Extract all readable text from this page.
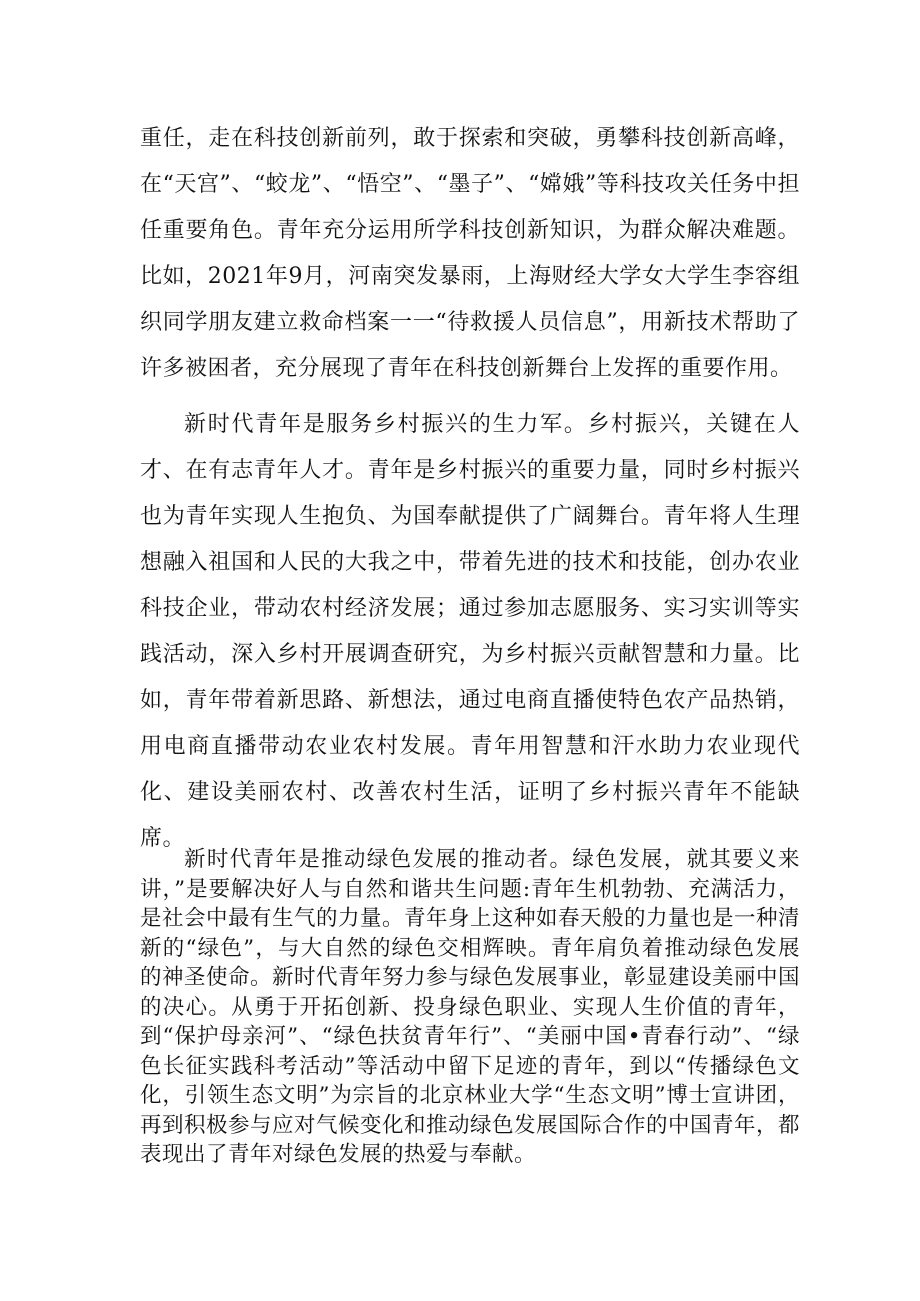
重任，走在科技创新前列，敢于探索和突破，勇攀科技创新高峰，在“天宫”、“蛟龙”、“悟空”、“墨子”、“嫦娥”等科技攻关任务中担任重要角色。青年充分运用所学科技创新知识，为群众解决难题。比如，2021年9月，河南突发暴雨，上海财经大学女大学生李容组织同学朋友建立救命档案一一“待救援人员信息”，用新技术帮助了许多被困者，充分展现了青年在科技创新舞台上发挥的重要作用。

新时代青年是服务乡村振兴的生力军。乡村振兴，关键在人才、在有志青年人才。青年是乡村振兴的重要力量，同时乡村振兴也为青年实现人生抱负、为国奉献提供了广阔舞台。青年将人生理想融入祖国和人民的大我之中，带着先进的技术和技能，创办农业科技企业，带动农村经济发展；通过参加志愿服务、实习实训等实践活动，深入乡村开展调查研究，为乡村振兴贡献智慧和力量。比如，青年带着新思路、新想法，通过电商直播使特色农产品热销，用电商直播带动农业农村发展。青年用智慧和汗水助力农业现代化、建设美丽农村、改善农村生活，证明了乡村振兴青年不能缺席。

新时代青年是推动绿色发展的推动者。绿色发展，就其要义来讲，”是要解决好人与自然和谐共生问题:青年生机勃勃、充满活力，是社会中最有生气的力量。青年身上这种如春天般的力量也是一种清新的“绿色”，与大自然的绿色交相辉映。青年肩负着推动绿色发展的神圣使命。新时代青年努力参与绿色发展事业，彰显建设美丽中国的决心。从勇于开拓创新、投身绿色职业、实现人生价值的青年，到“保护母亲河”、“绿色扶贫青年行”、“美丽中国•青春行动”、“绿色长征实践科考活动”等活动中留下足迹的青年，到以“传播绿色文化，引领生态文明”为宗旨的北京林业大学“生态文明”博士宣讲团，再到积极参与应对气候变化和推动绿色发展国际合作的中国青年，都表现出了青年对绿色发展的热爱与奉献。
